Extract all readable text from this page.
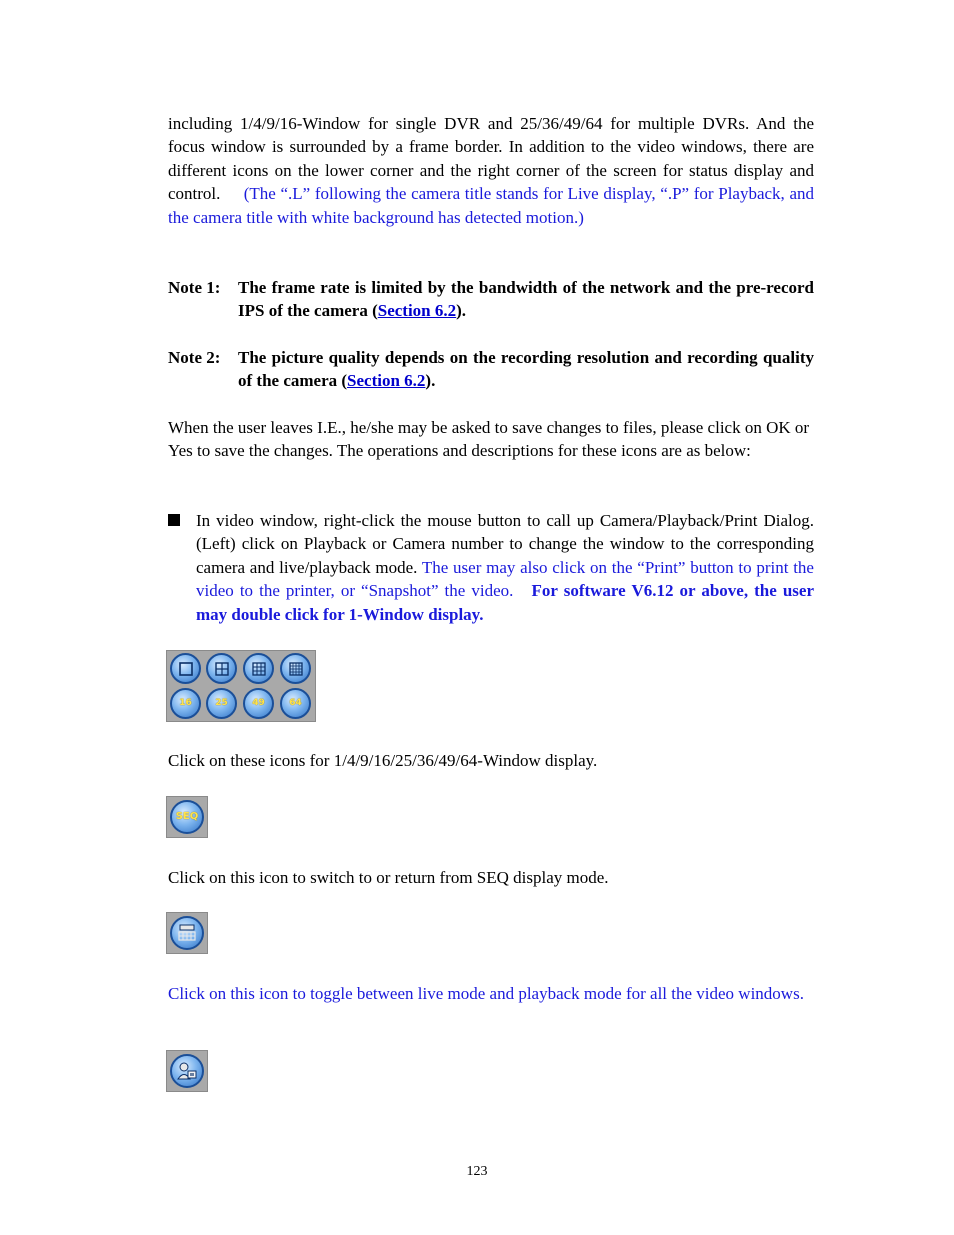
including 1/4/9/16-Window for single DVR and 25/36/49/64 for multiple DVRs. And the focus window is surrounded by a frame border. In addition to the video windows, there are different icons on the lower corner and the right corner of the screen for status display and control. (The “.L” following the camera title stands for Live display, “.P” for Playback, and the camera title with white background has detected motion.)
Note 1: The frame rate is limited by the bandwidth of the network and the pre-record IPS of the camera (Section 6.2).
Note 2: The picture quality depends on the recording resolution and recording quality of the camera (Section 6.2).
When the user leaves I.E., he/she may be asked to save changes to files, please click on OK or Yes to save the changes. The operations and descriptions for these icons are as below:
In video window, right-click the mouse button to call up Camera/Playback/Print Dialog. (Left) click on Playback or Camera number to change the window to the corresponding camera and live/playback mode. The user may also click on the “Print” button to print the video to the printer, or “Snapshot” the video. For software V6.12 or above, the user may double click for 1-Window display.
16	25	49	64
Click on these icons for 1/4/9/16/25/36/49/64-Window display.
SEQ
Click on this icon to switch to or return from SEQ display mode.
Click on this icon to toggle between live mode and playback mode for all the video windows.
123
